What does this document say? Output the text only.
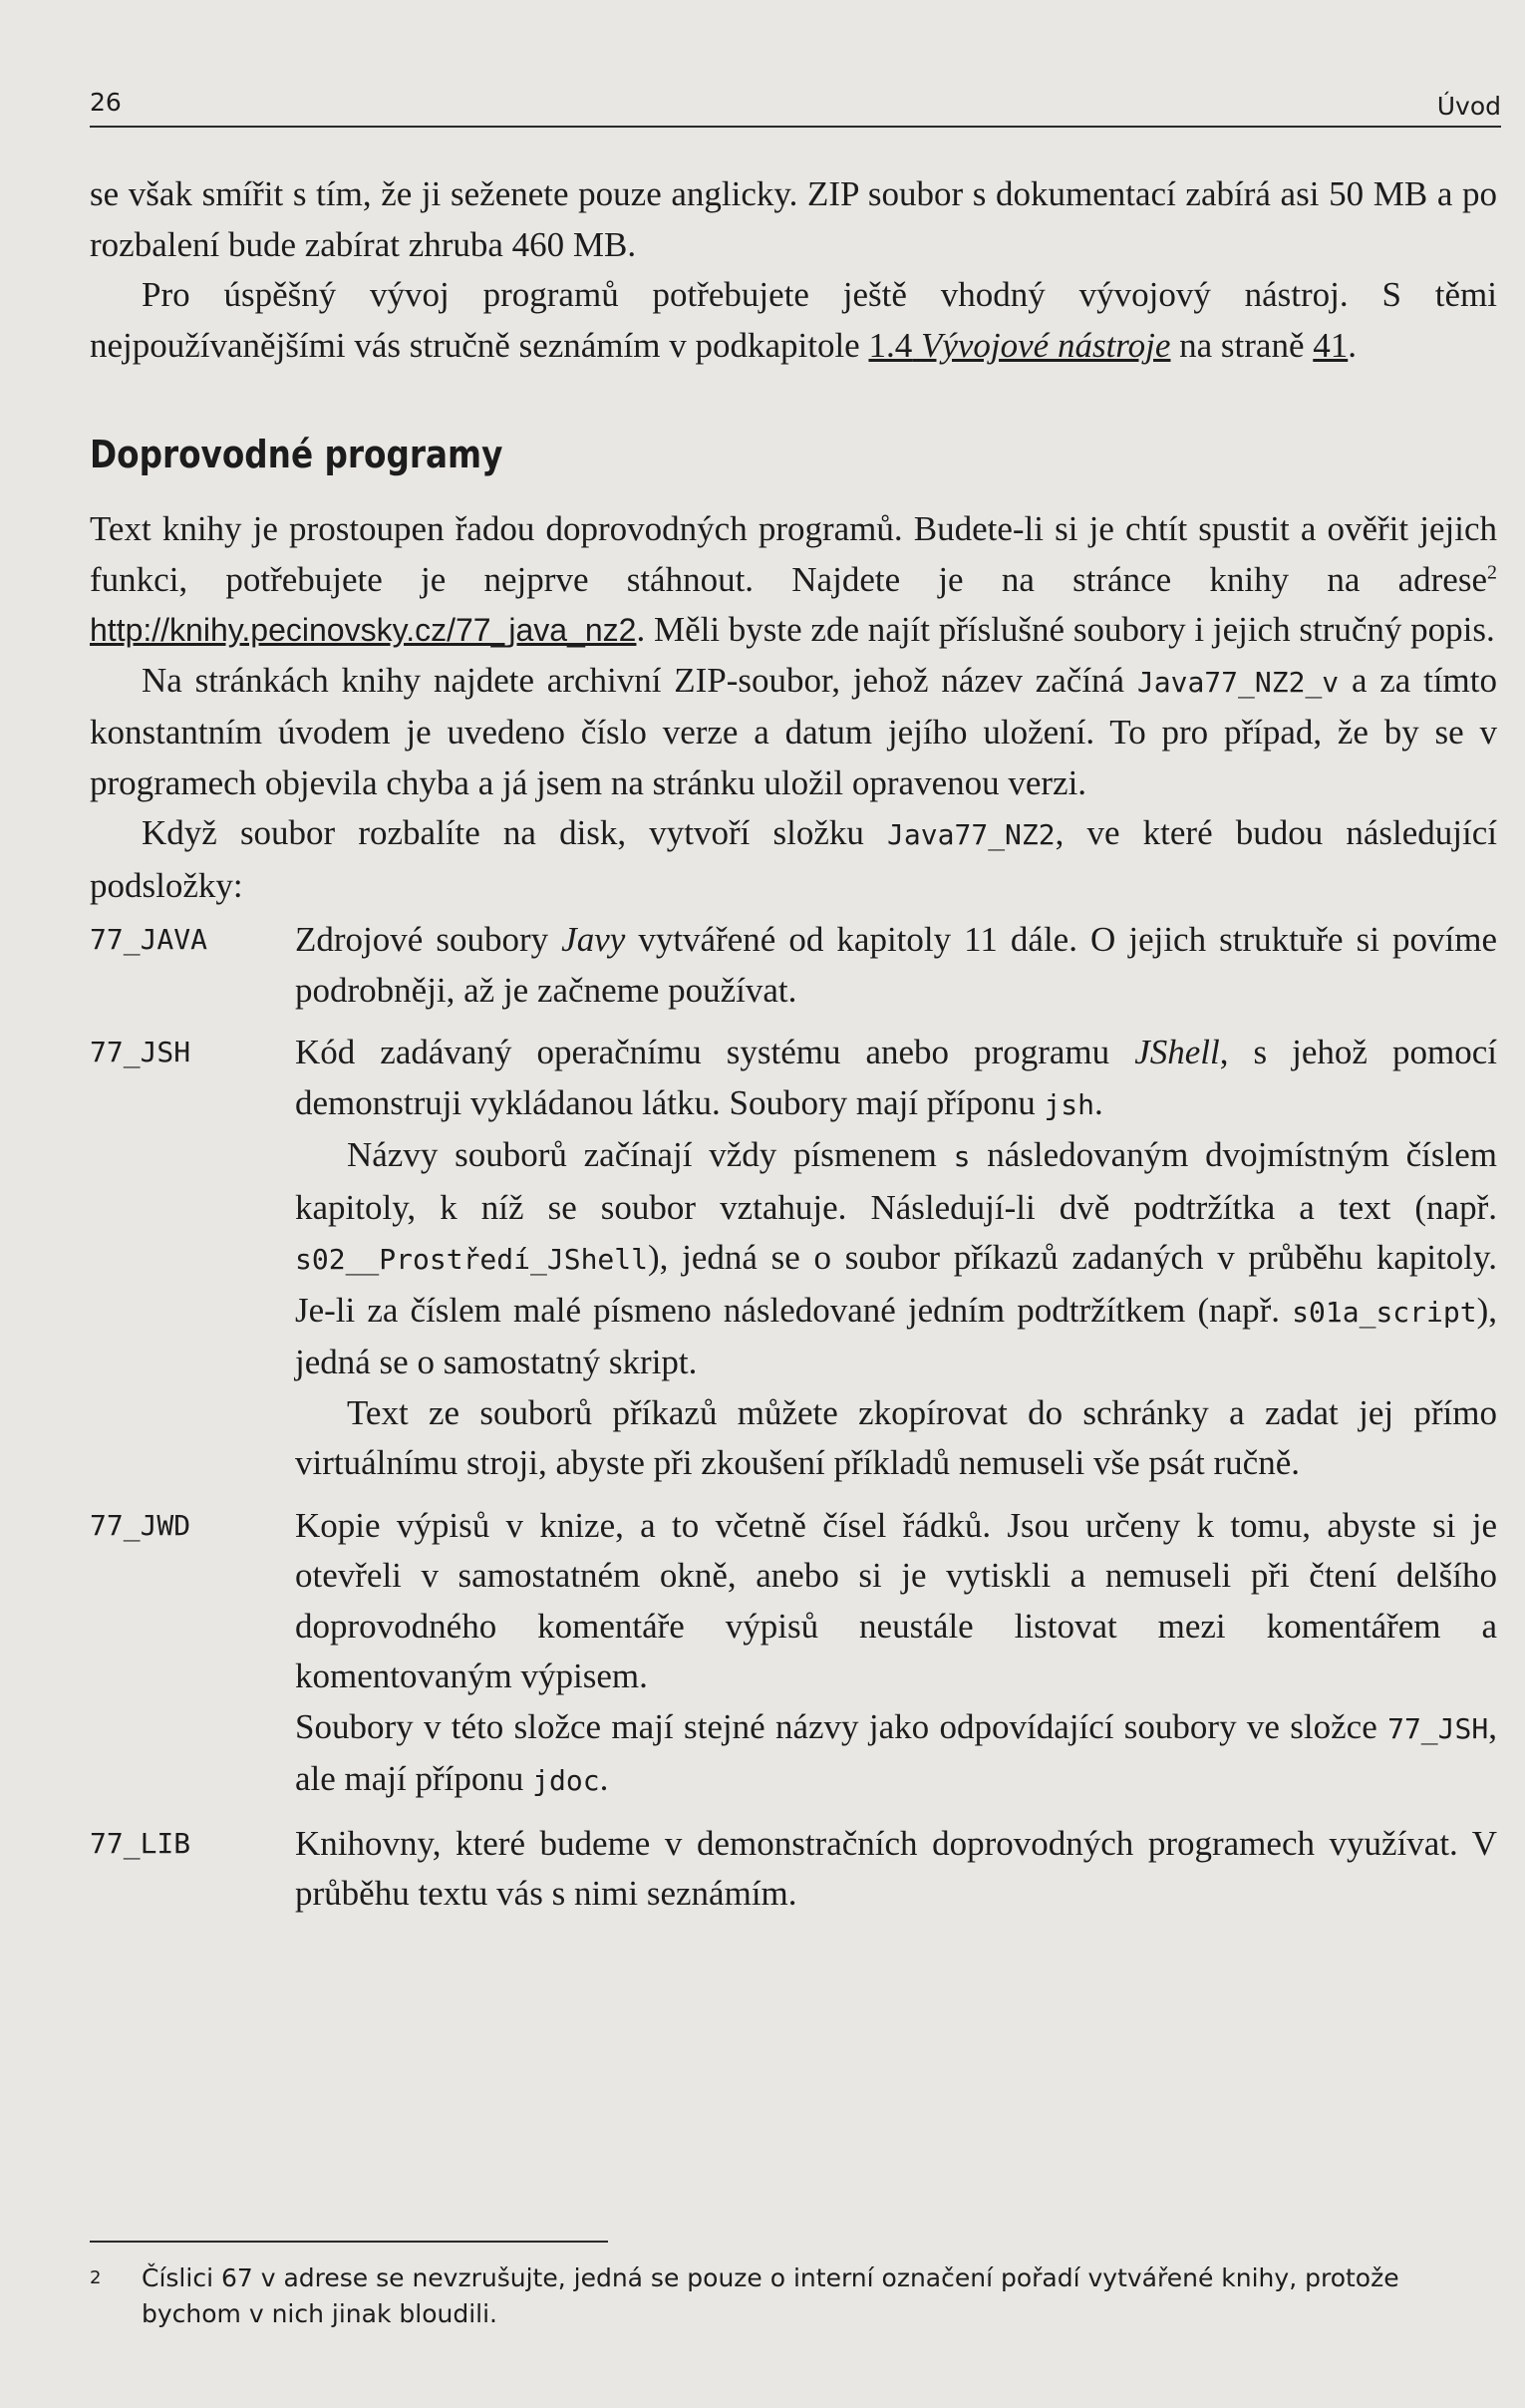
26	Úvod

se však smířit s tím, že ji seženete pouze anglicky. ZIP soubor s dokumentací zabírá asi 50 MB a po rozbalení bude zabírat zhruba 460 MB.

Pro úspěšný vývoj programů potřebujete ještě vhodný vývojový nástroj. S těmi nejpoužívanějšími vás stručně seznámím v podkapitole 1.4 Vývojové nástroje na straně 41.

Doprovodné programy

Text knihy je prostoupen řadou doprovodných programů. Budete-li si je chtít spustit a ověřit jejich funkci, potřebujete je nejprve stáhnout. Najdete je na stránce knihy na adrese$^2$ http://knihy.pecinovsky.cz/77_java_nz2. Měli byste zde najít příslušné soubory i jejich stručný popis.

Na stránkách knihy najdete archivní ZIP-soubor, jehož název začíná Java77_NZ2_v a za tímto konstantním úvodem je uvedeno číslo verze a datum jejího uložení. To pro případ, že by se v programech objevila chyba a já jsem na stránku uložil opravenou verzi.

Když soubor rozbalíte na disk, vytvoří složku Java77_NZ2, ve které budou následující podsložky:

77_JAVA	Zdrojové soubory Javy vytvářené od kapitoly 11 dále. O jejich struktuře si povíme podrobněji, až je začneme používat.

77_JSH	Kód zadávaný operačnímu systému anebo programu JShell, s jehož pomocí demonstruji vykládanou látku. Soubory mají příponu jsh.

Názvy souborů začínají vždy písmenem s následovaným dvojmístným číslem kapitoly, k níž se soubor vztahuje. Následují-li dvě podtržítka a text (např. s02__Prostředí_JShell), jedná se o soubor příkazů zadaných v průběhu kapitoly. Je-li za číslem malé písmeno následované jedním podtržítkem (např. s01a_script), jedná se o samostatný skript.

Text ze souborů příkazů můžete zkopírovat do schránky a zadat jej přímo virtuálnímu stroji, abyste při zkoušení příkladů nemuseli vše psát ručně.

77_JWD	Kopie výpisů v knize, a to včetně čísel řádků. Jsou určeny k tomu, abyste si je otevřeli v samostatném okně, anebo si je vytiskli a nemuseli při čtení delšího doprovodného komentáře výpisů neustále listovat mezi komentářem a komentovaným výpisem.

Soubory v této složce mají stejné názvy jako odpovídající soubory ve složce 77_JSH, ale mají příponu jdoc.

77_LIB	Knihovny, které budeme v demonstračních doprovodných programech využívat. V průběhu textu vás s nimi seznámím.

2 Číslici 67 v adrese se nevzrušujte, jedná se pouze o interní označení pořadí vytvářené knihy, protože bychom v nich jinak bloudili.
